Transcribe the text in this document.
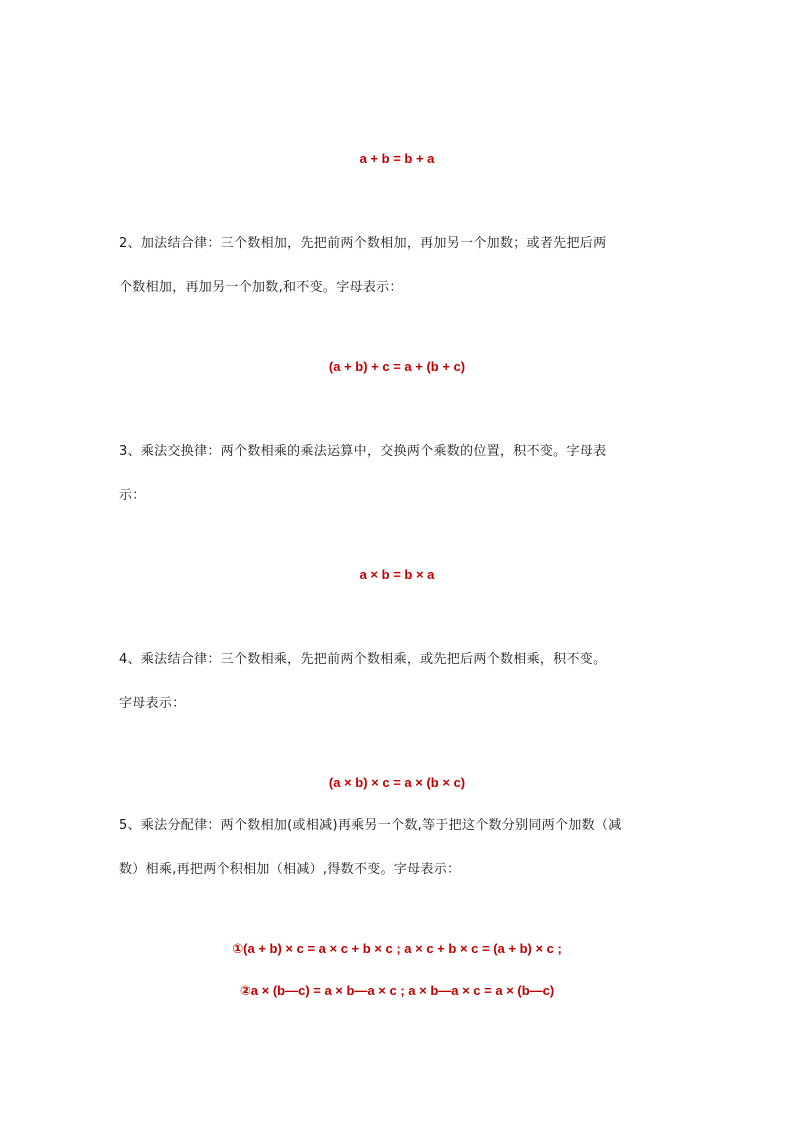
a + b = b + a
2、加法结合律：三个数相加，先把前两个数相加，再加另一个加数；或者先把后两
个数相加，再加另一个加数,和不变。字母表示：
(a + b) + c = a + (b + c)
3、乘法交换律：两个数相乘的乘法运算中，交换两个乘数的位置，积不变。字母表
示：
a × b = b × a
4、乘法结合律：三个数相乘，先把前两个数相乘，或先把后两个数相乘，积不变。
字母表示：
(a × b) × c = a × (b × c)
5、乘法分配律：两个数相加(或相减)再乘另一个数,等于把这个数分别同两个加数（减
数）相乘,再把两个积相加（相减）,得数不变。字母表示：
①(a + b) × c = a × c + b × c ; a × c + b × c = (a + b) × c ;
②a × (b—c) = a × b—a × c ; a × b—a × c = a × (b—c)
